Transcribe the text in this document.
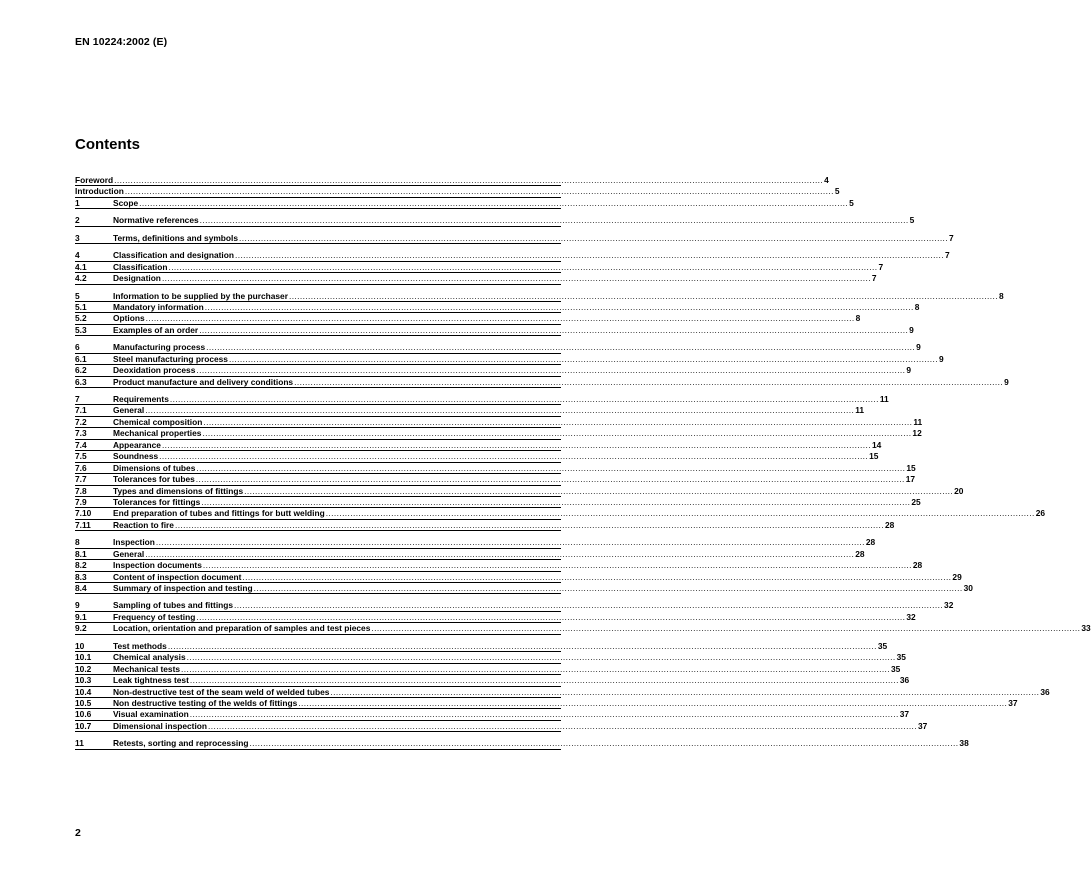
EN 10224:2002 (E)
Contents
Foreword .................................................................................................................................................................................................................................................................... 4
Introduction .................................................................................................................................................................................................................................................................... 5
1	Scope .................................................................................................................................................................................................................................................................... 5
2	Normative references .................................................................................................................................................................................................................................................................... 5
3	Terms, definitions and symbols .................................................................................................................................................................................................................................................................... 7
4	Classification and designation .................................................................................................................................................................................................................................................................... 7
4.1	Classification .................................................................................................................................................................................................................................................................... 7
4.2	Designation .................................................................................................................................................................................................................................................................... 7
5	Information to be supplied by the purchaser .................................................................................................................................................................................................................................................................... 8
5.1	Mandatory information .................................................................................................................................................................................................................................................................... 8
5.2	Options .................................................................................................................................................................................................................................................................... 8
5.3	Examples of an order .................................................................................................................................................................................................................................................................... 9
6	Manufacturing process .................................................................................................................................................................................................................................................................... 9
6.1	Steel manufacturing process .................................................................................................................................................................................................................................................................... 9
6.2	Deoxidation process .................................................................................................................................................................................................................................................................... 9
6.3	Product manufacture and delivery conditions .................................................................................................................................................................................................................................................................... 9
7	Requirements .................................................................................................................................................................................................................................................................... 11
7.1	General .................................................................................................................................................................................................................................................................... 11
7.2	Chemical composition .................................................................................................................................................................................................................................................................... 11
7.3	Mechanical properties .................................................................................................................................................................................................................................................................... 12
7.4	Appearance .................................................................................................................................................................................................................................................................... 14
7.5	Soundness .................................................................................................................................................................................................................................................................... 15
7.6	Dimensions of tubes .................................................................................................................................................................................................................................................................... 15
7.7	Tolerances for tubes .................................................................................................................................................................................................................................................................... 17
7.8	Types and dimensions of fittings .................................................................................................................................................................................................................................................................... 20
7.9	Tolerances for fittings .................................................................................................................................................................................................................................................................... 25
7.10	End preparation of tubes and fittings for butt welding .................................................................................................................................................................................................................................................................... 26
7.11	Reaction to fire .................................................................................................................................................................................................................................................................... 28
8	Inspection .................................................................................................................................................................................................................................................................... 28
8.1	General .................................................................................................................................................................................................................................................................... 28
8.2	Inspection documents .................................................................................................................................................................................................................................................................... 28
8.3	Content of inspection document .................................................................................................................................................................................................................................................................... 29
8.4	Summary of inspection and testing .................................................................................................................................................................................................................................................................... 30
9	Sampling of tubes and fittings .................................................................................................................................................................................................................................................................... 32
9.1	Frequency of testing .................................................................................................................................................................................................................................................................... 32
9.2	Location, orientation and preparation of samples and test pieces .................................................................................................................................................................................................................................................................... 33
10	Test methods .................................................................................................................................................................................................................................................................... 35
10.1	Chemical analysis .................................................................................................................................................................................................................................................................... 35
10.2	Mechanical tests .................................................................................................................................................................................................................................................................... 35
10.3	Leak tightness test .................................................................................................................................................................................................................................................................... 36
10.4	Non-destructive test of the seam weld of welded tubes .................................................................................................................................................................................................................................................................... 36
10.5	Non destructive testing of the welds of fittings .................................................................................................................................................................................................................................................................... 37
10.6	Visual examination .................................................................................................................................................................................................................................................................... 37
10.7	Dimensional inspection .................................................................................................................................................................................................................................................................... 37
11	Retests, sorting and reprocessing .................................................................................................................................................................................................................................................................... 38
2
